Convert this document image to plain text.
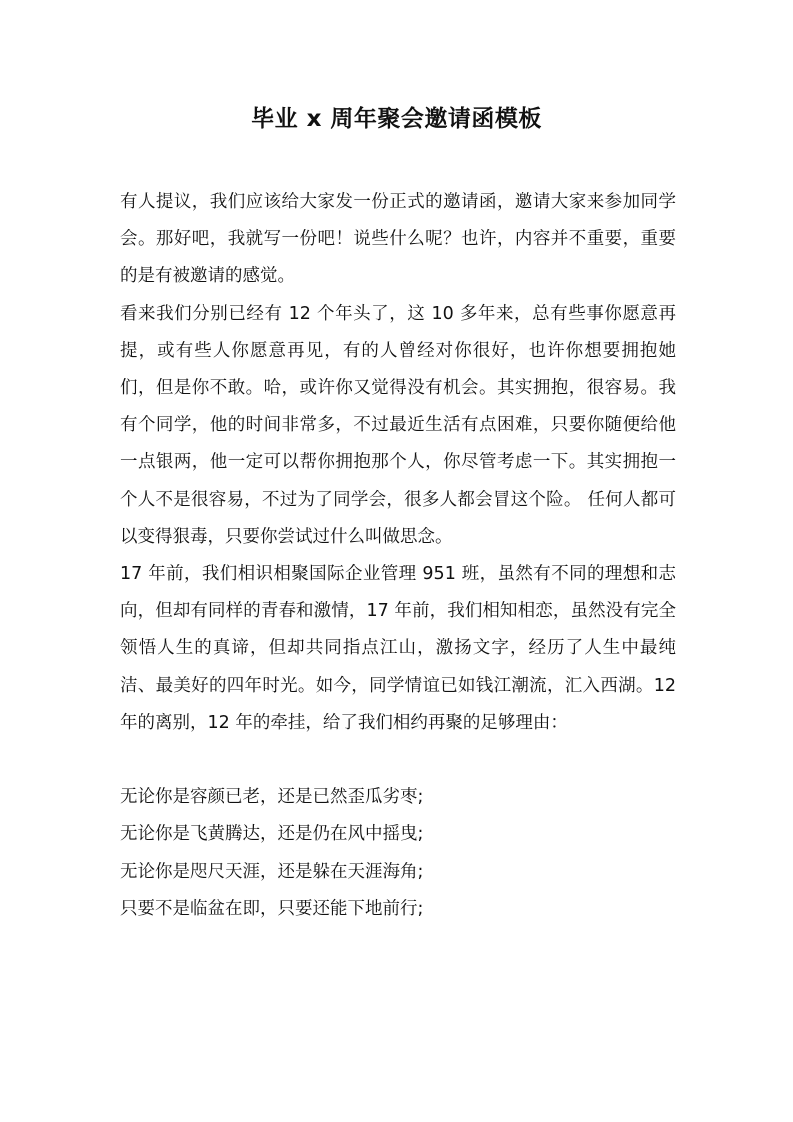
毕业 x 周年聚会邀请函模板

有人提议，我们应该给大家发一份正式的邀请函，邀请大家来参加同学会。那好吧，我就写一份吧！说些什么呢？也许，内容并不重要，重要的是有被邀请的感觉。

看来我们分别已经有 12 个年头了，这 10 多年来，总有些事你愿意再提，或有些人你愿意再见，有的人曾经对你很好，也许你想要拥抱她们，但是你不敢。哈，或许你又觉得没有机会。其实拥抱，很容易。我有个同学，他的时间非常多，不过最近生活有点困难，只要你随便给他一点银两，他一定可以帮你拥抱那个人，你尽管考虑一下。其实拥抱一个人不是很容易，不过为了同学会，很多人都会冒这个险。 任何人都可以变得狠毒，只要你尝试过什么叫做思念。

17 年前，我们相识相聚国际企业管理 951 班，虽然有不同的理想和志向，但却有同样的青春和激情，17 年前，我们相知相恋，虽然没有完全领悟人生的真谛，但却共同指点江山，激扬文字，经历了人生中最纯洁、最美好的四年时光。如今，同学情谊已如钱江潮流，汇入西湖。12 年的离别，12 年的牵挂，给了我们相约再聚的足够理由：

无论你是容颜已老，还是已然歪瓜劣枣;

无论你是飞黄腾达，还是仍在风中摇曳;

无论你是咫尺天涯，还是躲在天涯海角;

只要不是临盆在即，只要还能下地前行;
